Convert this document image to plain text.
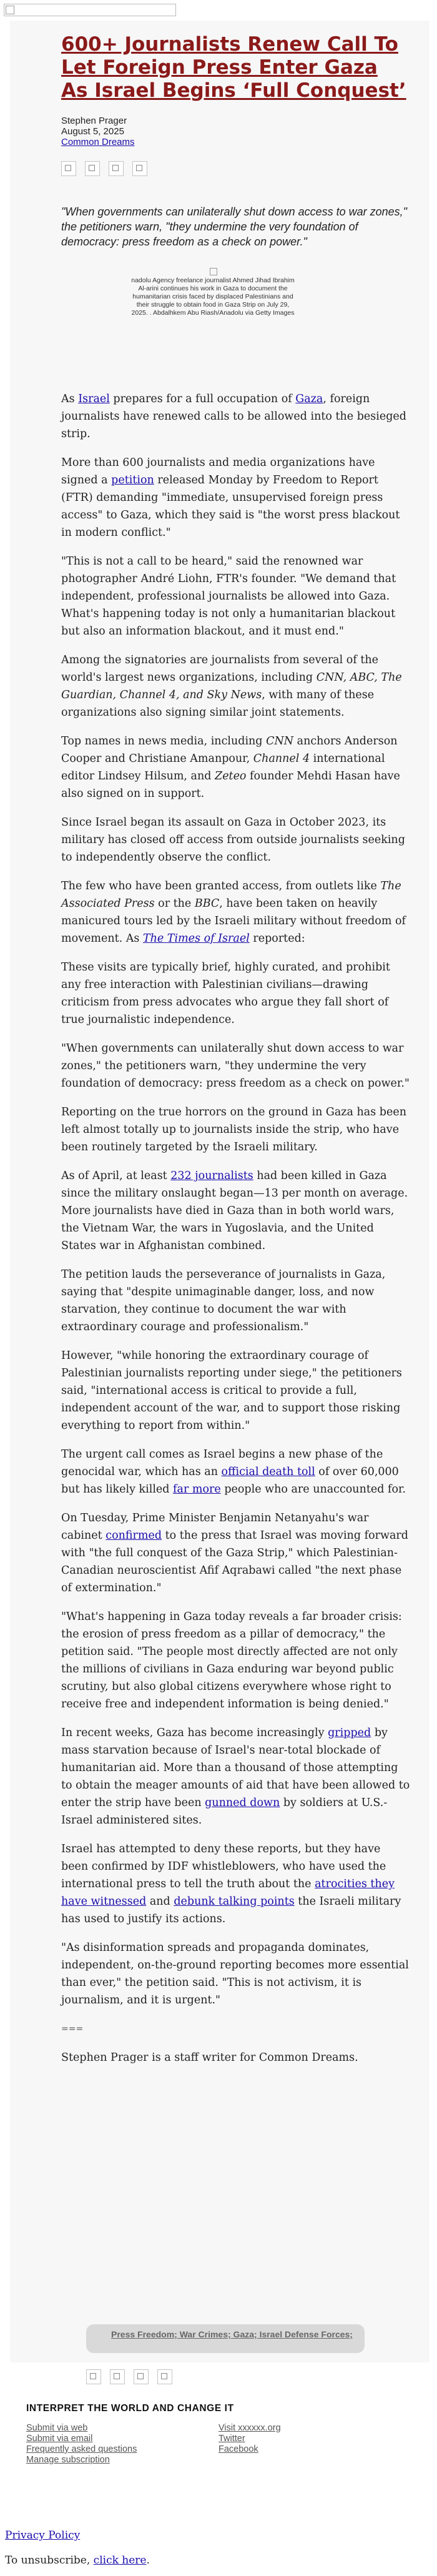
600+ Journalists Renew Call To Let Foreign Press Enter Gaza As Israel Begins ‘Full Conquest’
Stephen Prager
August 5, 2025
Common Dreams
"When governments can unilaterally shut down access to war zones," the petitioners warn, "they undermine the very foundation of democracy: press freedom as a check on power."
nadolu Agency freelance journalist Ahmed Jihad Ibrahim Al-arini continues his work in Gaza to document the humanitarian crisis faced by displaced Palestinians and their struggle to obtain food in Gaza Strip on July 29, 2025. . Abdalhkem Abu Riash/Anadolu via Getty Images

As Israel prepares for a full occupation of Gaza, foreign journalists have renewed calls to be allowed into the besieged strip.

More than 600 journalists and media organizations have signed a petition released Monday by Freedom to Report (FTR) demanding "immediate, unsupervised foreign press access" to Gaza, which they said is "the worst press blackout in modern conflict."

"This is not a call to be heard," said the renowned war photographer André Liohn, FTR's founder. "We demand that independent, professional journalists be allowed into Gaza. What's happening today is not only a humanitarian blackout but also an information blackout, and it must end."

Among the signatories are journalists from several of the world's largest news organizations, including CNN, ABC, The Guardian, Channel 4, and Sky News, with many of these organizations also signing similar joint statements.

Top names in news media, including CNN anchors Anderson Cooper and Christiane Amanpour, Channel 4 international editor Lindsey Hilsum, and Zeteo founder Mehdi Hasan have also signed on in support.

Since Israel began its assault on Gaza in October 2023, its military has closed off access from outside journalists seeking to independently observe the conflict.

The few who have been granted access, from outlets like The Associated Press or the BBC, have been taken on heavily manicured tours led by the Israeli military without freedom of movement. As The Times of Israel reported:

These visits are typically brief, highly curated, and prohibit any free interaction with Palestinian civilians—drawing criticism from press advocates who argue they fall short of true journalistic independence.

"When governments can unilaterally shut down access to war zones," the petitioners warn, "they undermine the very foundation of democracy: press freedom as a check on power."

Reporting on the true horrors on the ground in Gaza has been left almost totally up to journalists inside the strip, who have been routinely targeted by the Israeli military.

As of April, at least 232 journalists had been killed in Gaza since the military onslaught began—13 per month on average. More journalists have died in Gaza than in both world wars, the Vietnam War, the wars in Yugoslavia, and the United States war in Afghanistan combined.

The petition lauds the perseverance of journalists in Gaza, saying that "despite unimaginable danger, loss, and now starvation, they continue to document the war with extraordinary courage and professionalism."

However, "while honoring the extraordinary courage of Palestinian journalists reporting under siege," the petitioners said, "international access is critical to provide a full, independent account of the war, and to support those risking everything to report from within."

The urgent call comes as Israel begins a new phase of the genocidal war, which has an official death toll of over 60,000 but has likely killed far more people who are unaccounted for.

On Tuesday, Prime Minister Benjamin Netanyahu's war cabinet confirmed to the press that Israel was moving forward with "the full conquest of the Gaza Strip," which Palestinian-Canadian neuroscientist Afif Aqrabawi called "the next phase of extermination."

"What's happening in Gaza today reveals a far broader crisis: the erosion of press freedom as a pillar of democracy," the petition said. "The people most directly affected are not only the millions of civilians in Gaza enduring war beyond public scrutiny, but also global citizens everywhere whose right to receive free and independent information is being denied."

In recent weeks, Gaza has become increasingly gripped by mass starvation because of Israel's near-total blockade of humanitarian aid. More than a thousand of those attempting to obtain the meager amounts of aid that have been allowed to enter the strip have been gunned down by soldiers at U.S.-Israel administered sites.

Israel has attempted to deny these reports, but they have been confirmed by IDF whistleblowers, who have used the international press to tell the truth about the atrocities they have witnessed and debunk talking points the Israeli military has used to justify its actions.

"As disinformation spreads and propaganda dominates, independent, on-the-ground reporting becomes more essential than ever," the petition said. "This is not activism, it is journalism, and it is urgent."

===

Stephen Prager is a staff writer for Common Dreams.

Press Freedom; War Crimes; Gaza; Israel Defense Forces;
INTERPRET THE WORLD AND CHANGE IT
Submit via web
Submit via email
Frequently asked questions
Manage subscription
Visit xxxxxx.org
Twitter
Facebook
Privacy Policy
To unsubscribe, click here.
